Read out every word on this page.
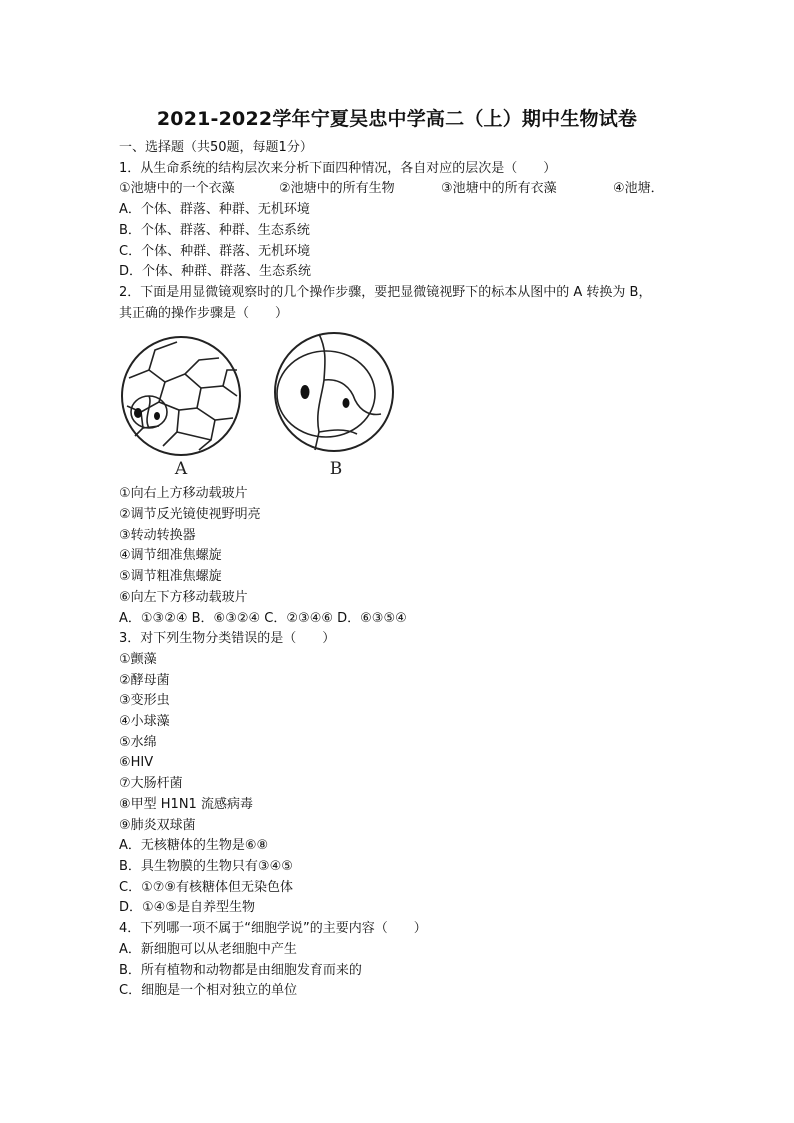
2021-2022学年宁夏吴忠中学高二（上）期中生物试卷
一、选择题（共50题，每题1分）
1．从生命系统的结构层次来分析下面四种情况，各自对应的层次是（　　）
①池塘中的一个衣藻	②池塘中的所有生物	③池塘中的所有衣藻	④池塘．
A．个体、群落、种群、无机环境
B．个体、群落、种群、生态系统
C．个体、种群、群落、无机环境
D．个体、种群、群落、生态系统
2．下面是用显微镜观察时的几个操作步骤，要把显微镜视野下的标本从图中的 A 转换为 B，
其正确的操作步骤是（　　）
A	B
①向右上方移动载玻片
②调节反光镜使视野明亮
③转动转换器
④调节细准焦螺旋
⑤调节粗准焦螺旋
⑥向左下方移动载玻片
A．①③②④ B．⑥③②④ C．②③④⑥ D．⑥③⑤④
3．对下列生物分类错误的是（　　）
①颤藻
②酵母菌
③变形虫
④小球藻
⑤水绵
⑥HIV
⑦大肠杆菌
⑧甲型 H1N1 流感病毒
⑨肺炎双球菌
A．无核糖体的生物是⑥⑧
B．具生物膜的生物只有③④⑤
C．①⑦⑨有核糖体但无染色体
D．①④⑤是自养型生物
4．下列哪一项不属于“细胞学说”的主要内容（　　）
A．新细胞可以从老细胞中产生
B．所有植物和动物都是由细胞发育而来的
C．细胞是一个相对独立的单位
